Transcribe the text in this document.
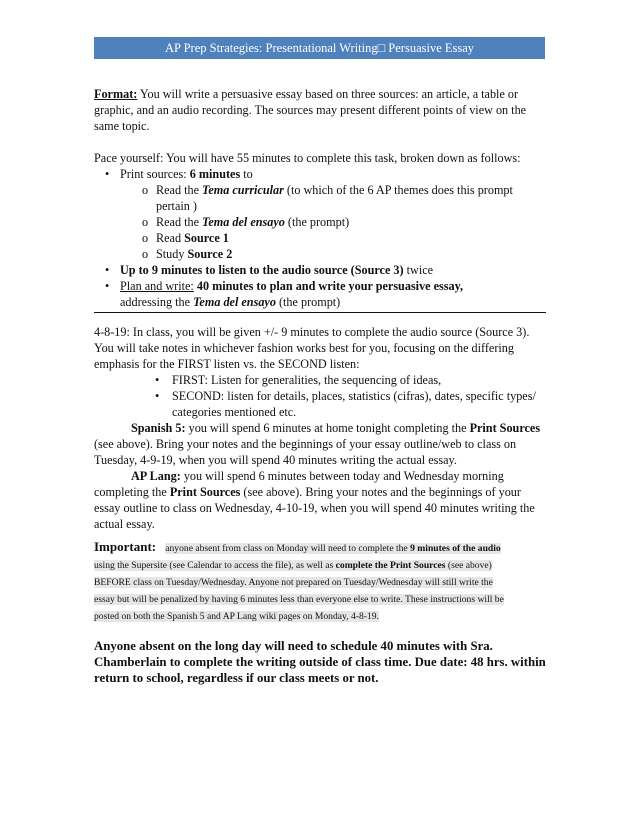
AP Prep Strategies: Presentational Writing□ Persuasive Essay

Format: You will write a persuasive essay based on three sources: an article, a table or graphic, and an audio recording. The sources may present different points of view on the same topic.

Pace yourself: You will have 55 minutes to complete this task, broken down as follows:

• Print sources: 6 minutes to
o Read the Tema curricular (to which of the 6 AP themes does this prompt pertain )
o Read the Tema del ensayo (the prompt)
o Read Source 1
o Study Source 2
• Up to 9 minutes to listen to the audio source (Source 3) twice
• Plan and write: 40 minutes to plan and write your persuasive essay,
addressing the Tema del ensayo (the prompt)

4-8-19: In class, you will be given +/- 9 minutes to complete the audio source (Source 3). You will take notes in whichever fashion works best for you, focusing on the differing emphasis for the FIRST listen vs. the SECOND listen:

• FIRST: Listen for generalities, the sequencing of ideas,
• SECOND: listen for details, places, statistics (cifras), dates, specific types/ categories mentioned etc.

Spanish 5: you will spend 6 minutes at home tonight completing the Print Sources (see above). Bring your notes and the beginnings of your essay outline/web to class on Tuesday, 4-9-19, when you will spend 40 minutes writing the actual essay.

AP Lang: you will spend 6 minutes between today and Wednesday morning completing the Print Sources (see above). Bring your notes and the beginnings of your essay outline to class on Wednesday, 4-10-19, when you will spend 40 minutes writing the actual essay.

Important: anyone absent from class on Monday will need to complete the 9 minutes of the audio
using the Supersite (see Calendar to access the file), as well as complete the Print Sources (see above)
BEFORE class on Tuesday/Wednesday. Anyone not prepared on Tuesday/Wednesday will still write the
essay but will be penalized by having 6 minutes less than everyone else to write. These instructions will be
posted on both the Spanish 5 and AP Lang wiki pages on Monday, 4-8-19.

Anyone absent on the long day will need to schedule 40 minutes with Sra. Chamberlain to complete the writing outside of class time. Due date: 48 hrs. within return to school, regardless if our class meets or not.
